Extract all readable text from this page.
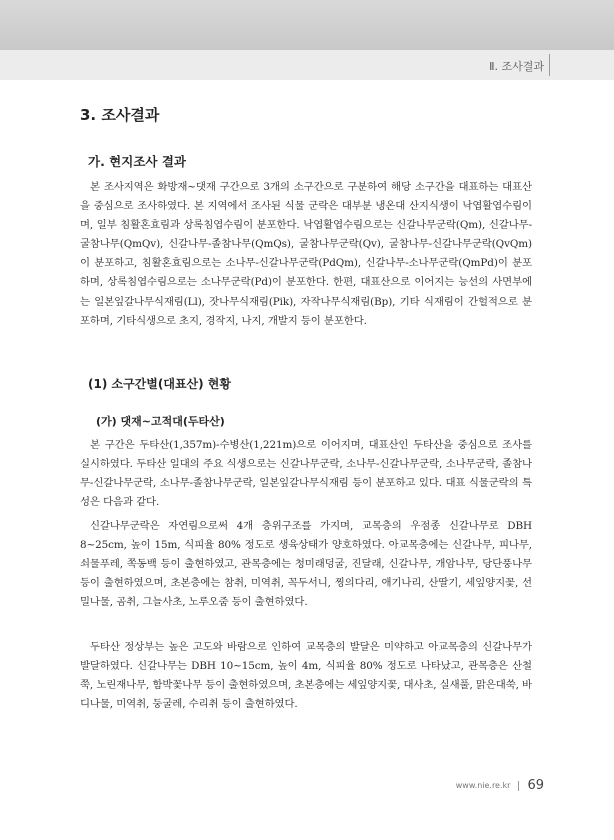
Ⅱ. 조사결과
3. 조사결과
가. 현지조사 결과

본 조사지역은 화방재~댓재 구간으로 3개의 소구간으로 구분하여 해당 소구간을 대표하는 대표산을 중심으로 조사하였다. 본 지역에서 조사된 식물 군락은 대부분 냉온대 산지식생이 낙엽활엽수림이며, 일부 침활혼효림과 상록침엽수림이 분포한다. 낙엽활엽수림으로는 신갈나무군락(Qm), 신갈나무-굴참나무(QmQv), 신갈나무-졸참나무(QmQs), 굴참나무군락(Qv), 굴참나무-신갈나무군락(QvQm)이 분포하고, 침활혼효림으로는 소나무-신갈나무군락(PdQm), 신갈나무-소나무군락(QmPd)이 분포하며, 상록침엽수림으로는 소나무군락(Pd)이 분포한다. 한편, 대표산으로 이어지는 능선의 사면부에는 일본잎갈나무식재림(Ll), 잣나무식재림(Pik), 자작나무식재림(Bp), 기타 식재림이 간헐적으로 분포하며, 기타식생으로 초지, 경작지, 나지, 개발지 등이 분포한다.

(1) 소구간별(대표산) 현황
(가) 댓재~고적대(두타산)

본 구간은 두타산(1,357m)-수병산(1,221m)으로 이어지며, 대표산인 두타산을 중심으로 조사를 실시하였다. 두타산 일대의 주요 식생으로는 신갈나무군락, 소나무-신갈나무군락, 소나무군락, 졸참나무-신갈나무군락, 소나무-졸참나무군락, 일본잎갈나무식재림 등이 분포하고 있다. 대표 식물군락의 특성은 다음과 같다.

신갈나무군락은 자연림으로써 4개 층위구조를 가지며, 교목층의 우점종 신갈나무로 DBH 8~25cm, 높이 15m, 식피율 80% 정도로 생육상태가 양호하였다. 아교목층에는 신갈나무, 피나무, 쇠물푸레, 쪽동백 등이 출현하였고, 관목층에는 청미래덩굴, 진달래, 신갈나무, 개암나무, 당단풍나무 등이 출현하였으며, 초본층에는 참취, 미역취, 꼭두서니, 찡의다리, 애기나리, 산딸기, 세잎양지꽃, 선밀나물, 곰취, 그늘사초, 노루오줌 등이 출현하였다.

두타산 정상부는 높은 고도와 바람으로 인하여 교목층의 발달은 미약하고 아교목층의 신갈나무가 발달하였다. 신갈나무는 DBH 10~15cm, 높이 4m, 식피율 80% 정도로 나타났고, 관목층은 산철쭉, 노린재나무, 함박꽃나무 등이 출현하였으며, 초본층에는 세잎양지꽃, 대사초, 실새풀, 맑은대쑥, 바디나물, 미역취, 둥굴레, 수리취 등이 출현하였다.

www.nie.re.kr 69
